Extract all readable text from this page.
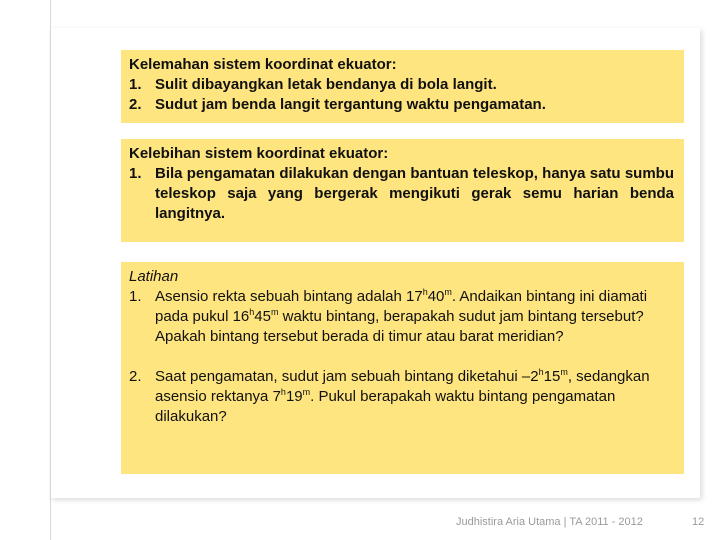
Kelemahan sistem koordinat ekuator:
1. Sulit dibayangkan letak bendanya di bola langit.
2. Sudut jam benda langit tergantung waktu pengamatan.
Kelebihan sistem koordinat ekuator:
1. Bila pengamatan dilakukan dengan bantuan teleskop, hanya satu sumbu teleskop saja yang bergerak mengikuti gerak semu harian benda langitnya.
Latihan
1. Asensio rekta sebuah bintang adalah 17$^h$40$^m$. Andaikan bintang ini diamati pada pukul 16$^h$45$^m$ waktu bintang, berapakah sudut jam bintang tersebut? Apakah bintang tersebut berada di timur atau barat meridian?
2. Saat pengamatan, sudut jam sebuah bintang diketahui –2$^h$15$^m$, sedangkan asensio rektanya 7$^h$19$^m$. Pukul berapakah waktu bintang pengamatan dilakukan?
Judhistira Aria Utama | TA 2011 - 2012	12
